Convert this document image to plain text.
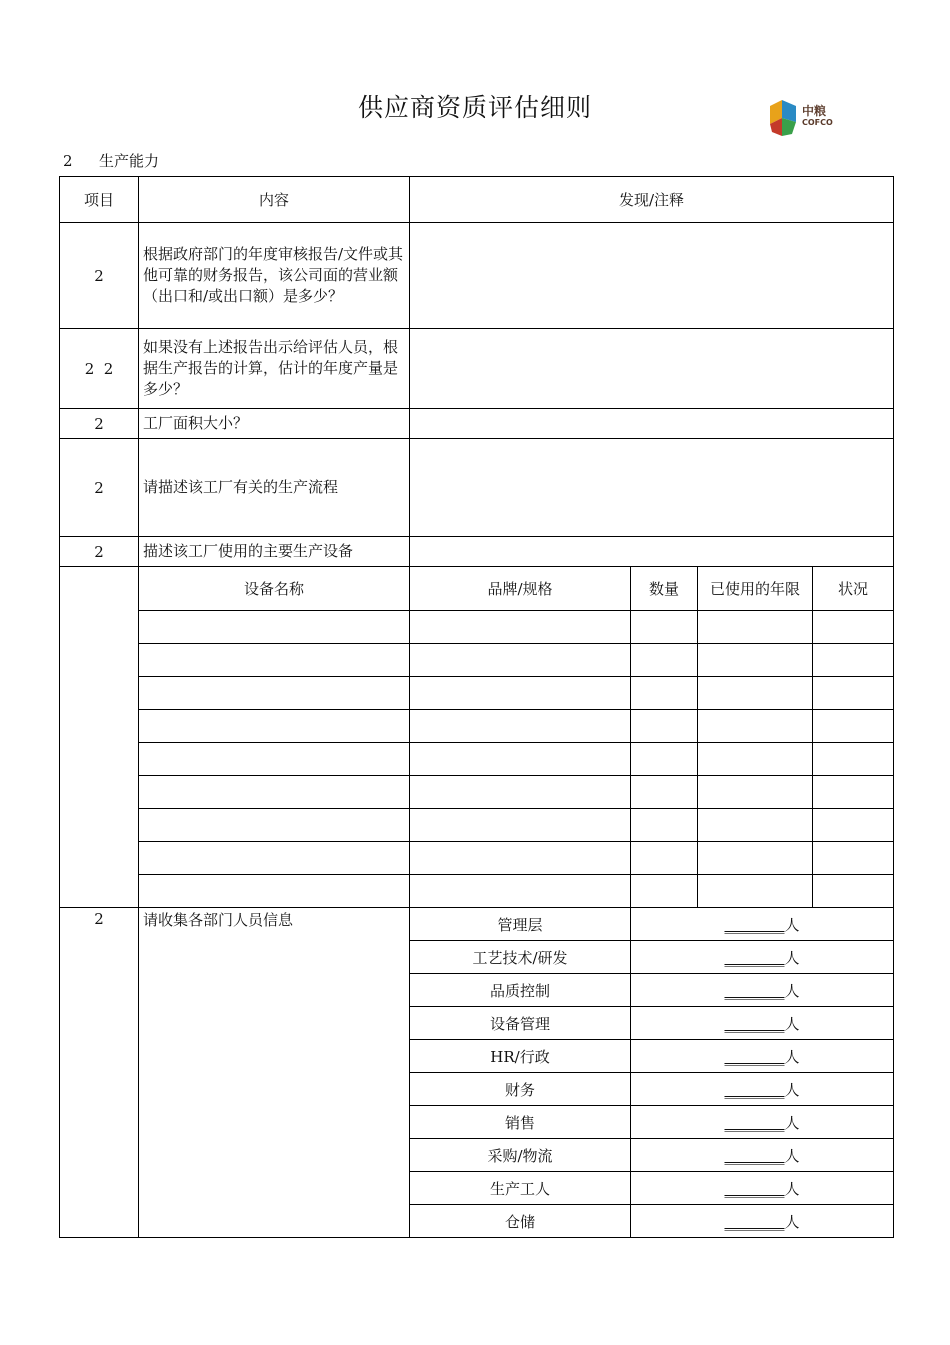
供应商资质评估细则	中粮
COFCO
2 生产能力
项目	内容	发现/注释			
2	根据政府部门的年度审核报告/文件或其他可靠的财务报告，该公司面的营业额（出口和/或出口额）是多少？				
2  2	如果没有上述报告出示给评估人员，根据生产报告的计算，估计的年度产量是多少？				
2	工厂面积大小？				
2	请描述该工厂有关的生产流程				
2	描述该工厂使用的主要生产设备				
	设备名称	品牌/规格	数量	已使用的年限	状况

2	请收集各部门人员信息	管理层	________人		
		工艺技术/研发	________人		
		品质控制	________人		
		设备管理	________人		
		HR/行政	________人		
		财务	________人		
		销售	________人		
		采购/物流	________人		
		生产工人	________人		
		仓储	________人		
